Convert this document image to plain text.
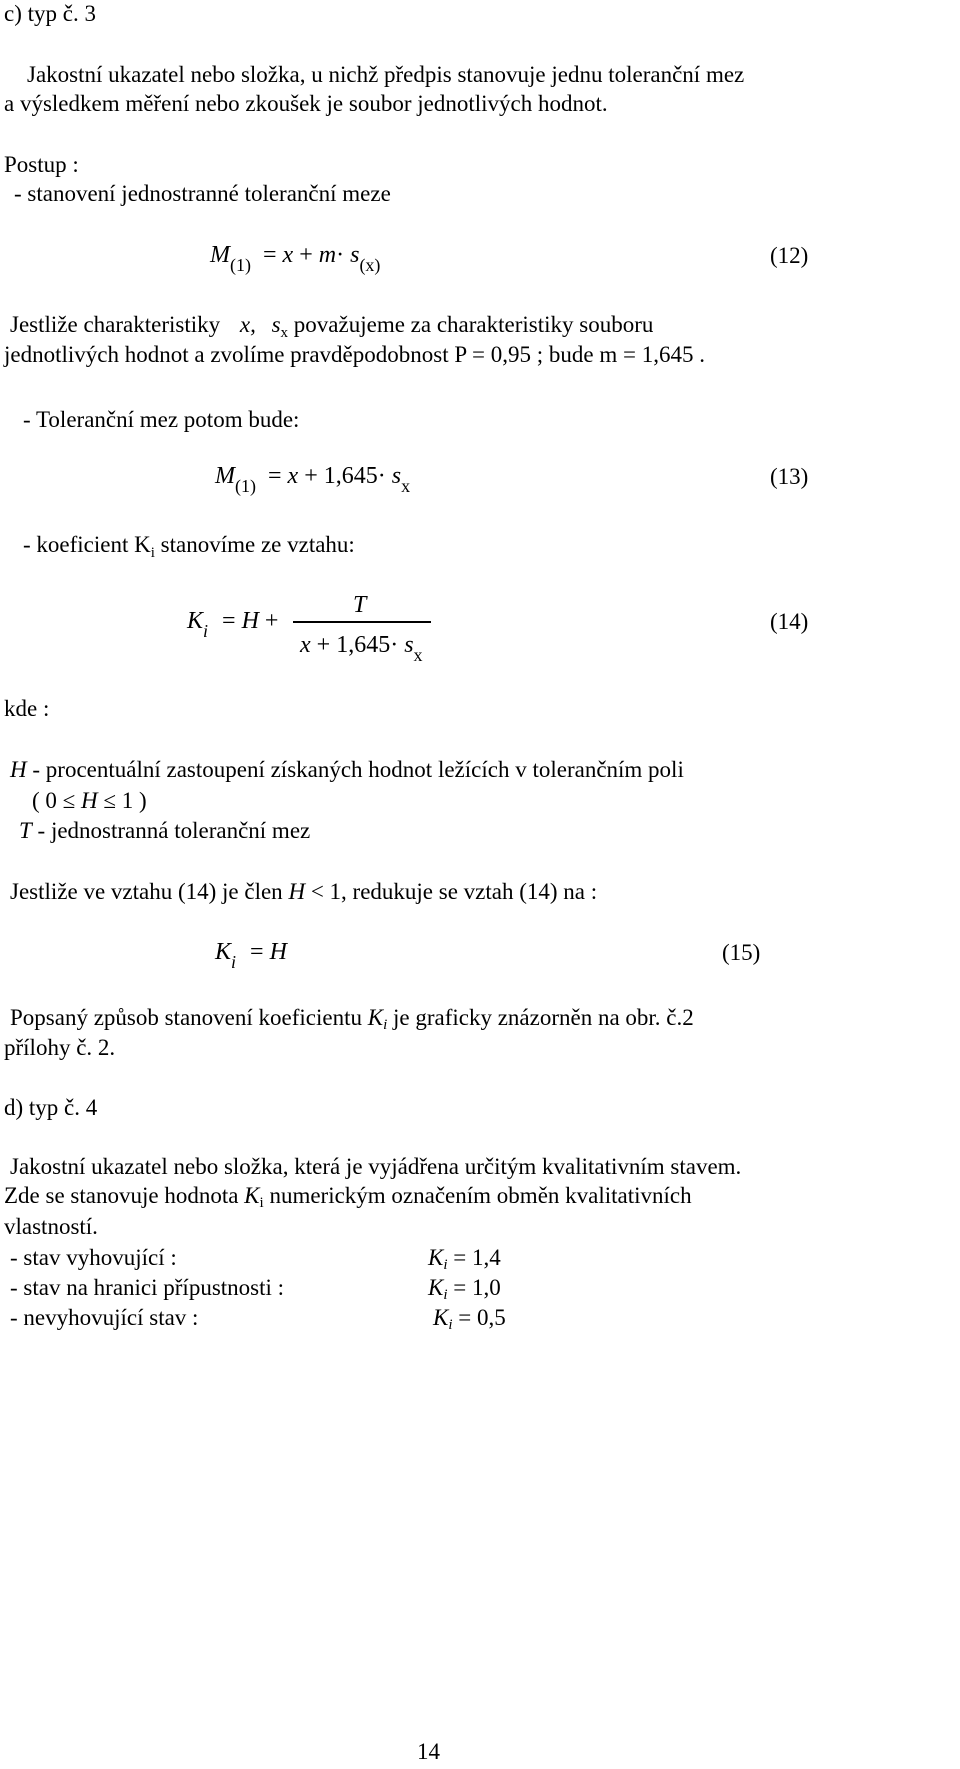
c) typ č. 3
Jakostní ukazatel nebo složka, u nichž předpis stanovuje jednu toleranční mez
a výsledkem měření nebo zkoušek je soubor jednotlivých hodnot.
Postup :
- stanovení jednostranné toleranční meze
$M_{(1)} = x + m\cdot s_{(x)}$	(12)
Jestliže charakteristiky x, $s_x$ považujeme za charakteristiky souboru
jednotlivých hodnot a zvolíme pravděpodobnost P = 0,95 ; bude m = 1,645 .
- Toleranční mez potom bude:
$M_{(1)} = x + 1,645\cdot s_x$	(13)
- koeficient $K_i$ stanovíme ze vztahu:
$K_i = H$ +
T
$x + 1,645\cdot s_x$
(14)
kde :
H - procentuální zastoupení získaných hodnot ležících v tolerančním poli
( 0 ≤ H ≤ 1 )
T - jednostranná toleranční mez
Jestliže ve vztahu (14) je člen H < 1, redukuje se vztah (14) na :
$K_i = H$	(15)
Popsaný způsob stanovení koeficientu Ki je graficky znázorněn na obr. č.2
přílohy č. 2.
d) typ č. 4
Jakostní ukazatel nebo složka, která je vyjádřena určitým kvalitativním stavem.
Zde se stanovuje hodnota Ki numerickým označením obměn kvalitativních
vlastností.
- stav vyhovující :	Ki = 1,4
- stav na hranici přípustnosti :	Ki = 1,0
- nevyhovující stav :	Ki = 0,5
14
